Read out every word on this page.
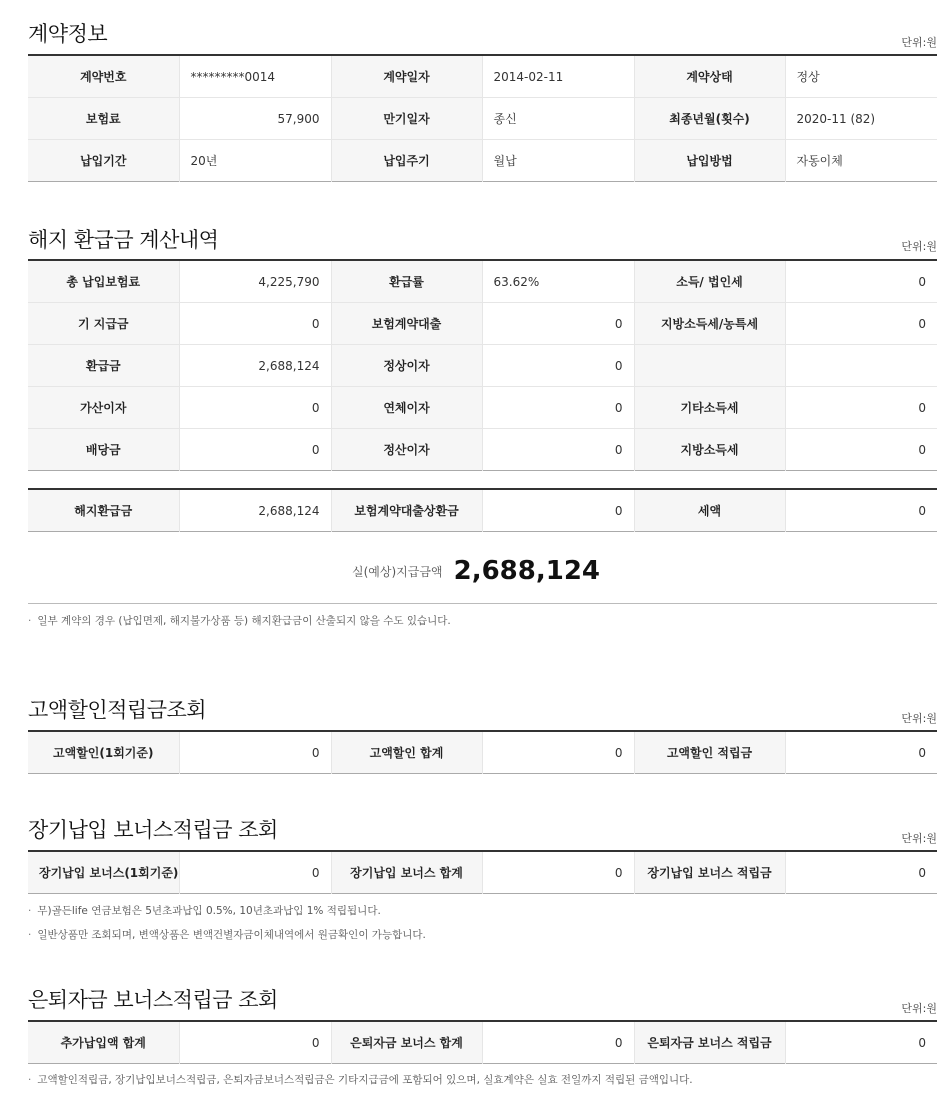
계약정보	단위:원
계약번호	*********0014	계약일자	2014-02-11	계약상태	정상
보험료	57,900	만기일자	종신	최종년월(횟수)	2020-11 (82)
납입기간	20년	납입주기	월납	납입방법	자동이체
해지 환급금 계산내역	단위:원
총 납입보험료	4,225,790	환급률	63.62%	소득/ 법인세	0
기 지급금	0	보험계약대출	0	지방소득세/농특세	0
환급금	2,688,124	정상이자	0		
가산이자	0	연체이자	0	기타소득세	0
배당금	0	정산이자	0	지방소득세	0
해지환급금	2,688,124	보험계약대출상환금	0	세액	0
실(예상)지급금액 2,688,124
· 일부 계약의 경우 (납입면제, 해지불가상품 등) 해지환급금이 산출되지 않을 수도 있습니다.
고액할인적립금조회	단위:원
고액할인(1회기준)	0	고액할인 합계	0	고액할인 적립금	0
장기납입 보너스적립금 조회	단위:원
장기납입 보너스(1회기준)	0	장기납입 보너스 합계	0	장기납입 보너스 적립금	0
· 무)골든life 연금보험은 5년초과납입 0.5%, 10년초과납입 1% 적립됩니다.
· 일반상품만 조회되며, 변액상품은 변액건별자금이체내역에서 원금확인이 가능합니다.
은퇴자금 보너스적립금 조회	단위:원
추가납입액 합계	0	은퇴자금 보너스 합계	0	은퇴자금 보너스 적립금	0
· 고액할인적립금, 장기납입보너스적립금, 은퇴자금보너스적립금은 기타지급금에 포함되어 있으며, 실효계약은 실효 전일까지 적립된 금액입니다.
